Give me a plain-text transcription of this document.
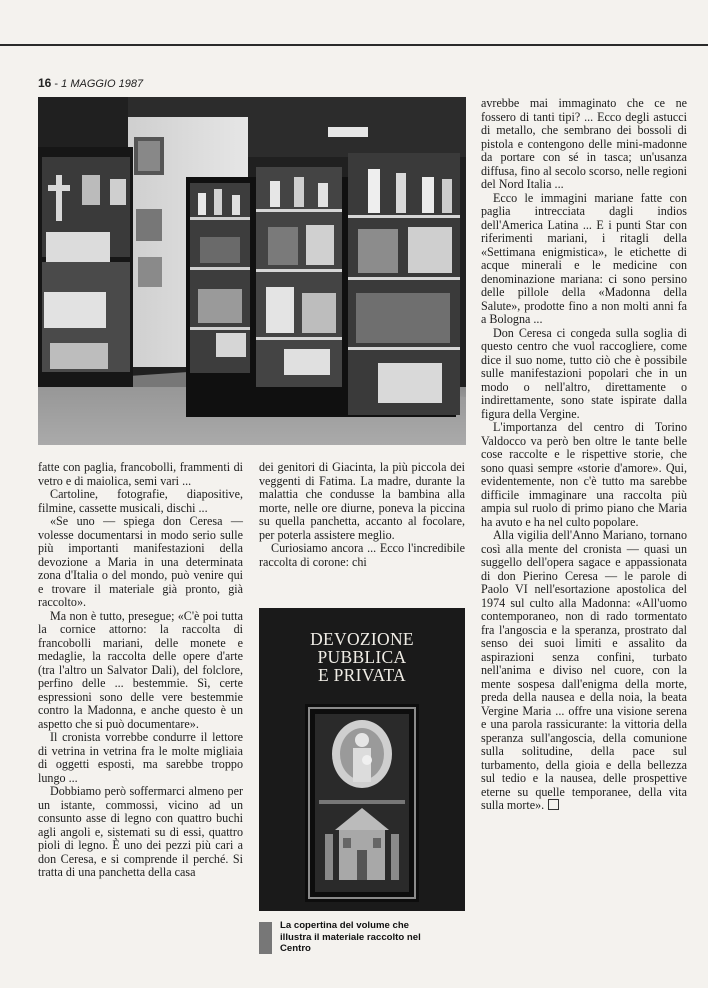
16 - 1 MAGGIO 1987

fatte con paglia, francobolli, frammenti di vetro e di maiolica, semi vari ...

Cartoline, fotografie, diapositive, filmine, cassette musicali, dischi ...

«Se uno — spiega don Ceresa — volesse documentarsi in modo serio sulle più importanti manifestazioni della devozione a Maria in una determinata zona d'Italia o del mondo, può venire qui e trovare il materiale già pronto, già raccolto».

Ma non è tutto, presegue; «C'è poi tutta la cornice attorno: la raccolta di francobolli mariani, delle monete e medaglie, la raccolta delle opere d'arte (tra l'altro un Salvator Dali), del folclore, perfino delle ... bestemmie. Sì, certe espressioni sono delle vere bestemmie contro la Madonna, e anche questo è un aspetto che si può documentare».

Il cronista vorrebbe condurre il lettore di vetrina in vetrina fra le molte migliaia di oggetti esposti, ma sarebbe troppo lungo ...

Dobbiamo però soffermarci almeno per un istante, commossi, vicino ad un consunto asse di legno con quattro buchi agli angoli e, sistemati su di essi, quattro pioli di legno. È uno dei pezzi più cari a don Ceresa, e si comprende il perché. Si tratta di una panchetta della casa

dei genitori di Giacinta, la più piccola dei veggenti di Fatima. La madre, durante la malattia che condusse la bambina alla morte, nelle ore diurne, poneva la piccina su quella panchetta, accanto al focolare, per poterla assistere meglio.

Curiosiamo ancora ... Ecco l'incredibile raccolta di corone: chi

DEVOZIONE PUBBLICA
E PRIVATA
La copertina del volume che
illustra il materiale raccolto nel
Centro

avrebbe mai immaginato che ce ne fossero di tanti tipi? ... Ecco degli astucci di metallo, che sembrano dei bossoli di pistola e contengono delle mini-madonne da portare con sé in tasca; un'usanza diffusa, fino al secolo scorso, nelle regioni del Nord Italia ...

Ecco le immagini mariane fatte con paglia intrecciata dagli indios dell'America Latina ... E i punti Star con riferimenti mariani, i ritagli della «Settimana enigmistica», le etichette di acque minerali e le medicine con denominazione mariana: ci sono persino delle pillole della «Madonna della Salute», prodotte fino a non molti anni fa a Bologna ...

Don Ceresa ci congeda sulla soglia di questo centro che vuol raccogliere, come dice il suo nome, tutto ciò che è possibile sulle manifestazioni popolari che in un modo o nell'altro, direttamente o indirettamente, sono state ispirate dalla figura della Vergine.

L'importanza del centro di Torino Valdocco va però ben oltre le tante belle cose raccolte e le rispettive storie, che sono quasi sempre «storie d'amore». Qui, evidentemente, non c'è tutto ma sarebbe difficile immaginare una raccolta più ampia sul ruolo di primo piano che Maria ha avuto e ha nel culto popolare.

Alla vigilia dell'Anno Mariano, tornano così alla mente del cronista — quasi un suggello dell'opera sagace e appassionata di don Pierino Ceresa — le parole di Paolo VI nell'esortazione apostolica del 1974 sul culto alla Madonna: «All'uomo contemporaneo, non di rado tormentato fra l'angoscia e la speranza, prostrato dal senso dei suoi limiti e assalito da aspirazioni senza confini, turbato nell'anima e diviso nel cuore, con la mente sospesa dall'enigma della morte, preda della nausea e della noia, la beata Vergine Maria ... offre una visione serena e una parola rassicurante: la vittoria della speranza sull'angoscia, della comunione sulla solitudine, della pace sul turbamento, della gioia e della bellezza sul tedio e la nausea, delle prospettive eterne su quelle temporanee, della vita sulla morte».
